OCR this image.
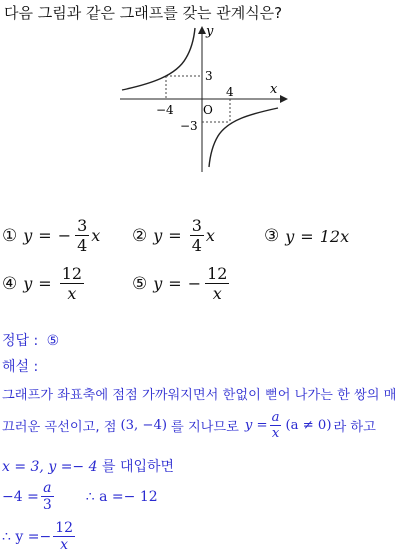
다음 그림과 같은 그래프를 갖는 관계식은?
y
x
3
4
−4 O
−3
① y = − $\frac{3}{4}$ x ② $y = \frac{3}{4}$ x	③ y = 12x
④ $y = \frac{12}{x}$	⑤ y = − $\frac{12}{x}$
정답 : ⑤
해설 :
그래프가 좌표축에 점점 가까워지면서 한없이 뻗어 나가는 한 쌍의 매
끄러운 곡선이고, 점 (3, −4) 를 지나므로 $y = \frac{a}{x} (a \ne 0)$ 라 하고
x = 3, y =− 4 를 대입하면
$-4 = \frac{a}{3}$ ∴ a =− 12
∴ $y =- \frac{12}{x}$
